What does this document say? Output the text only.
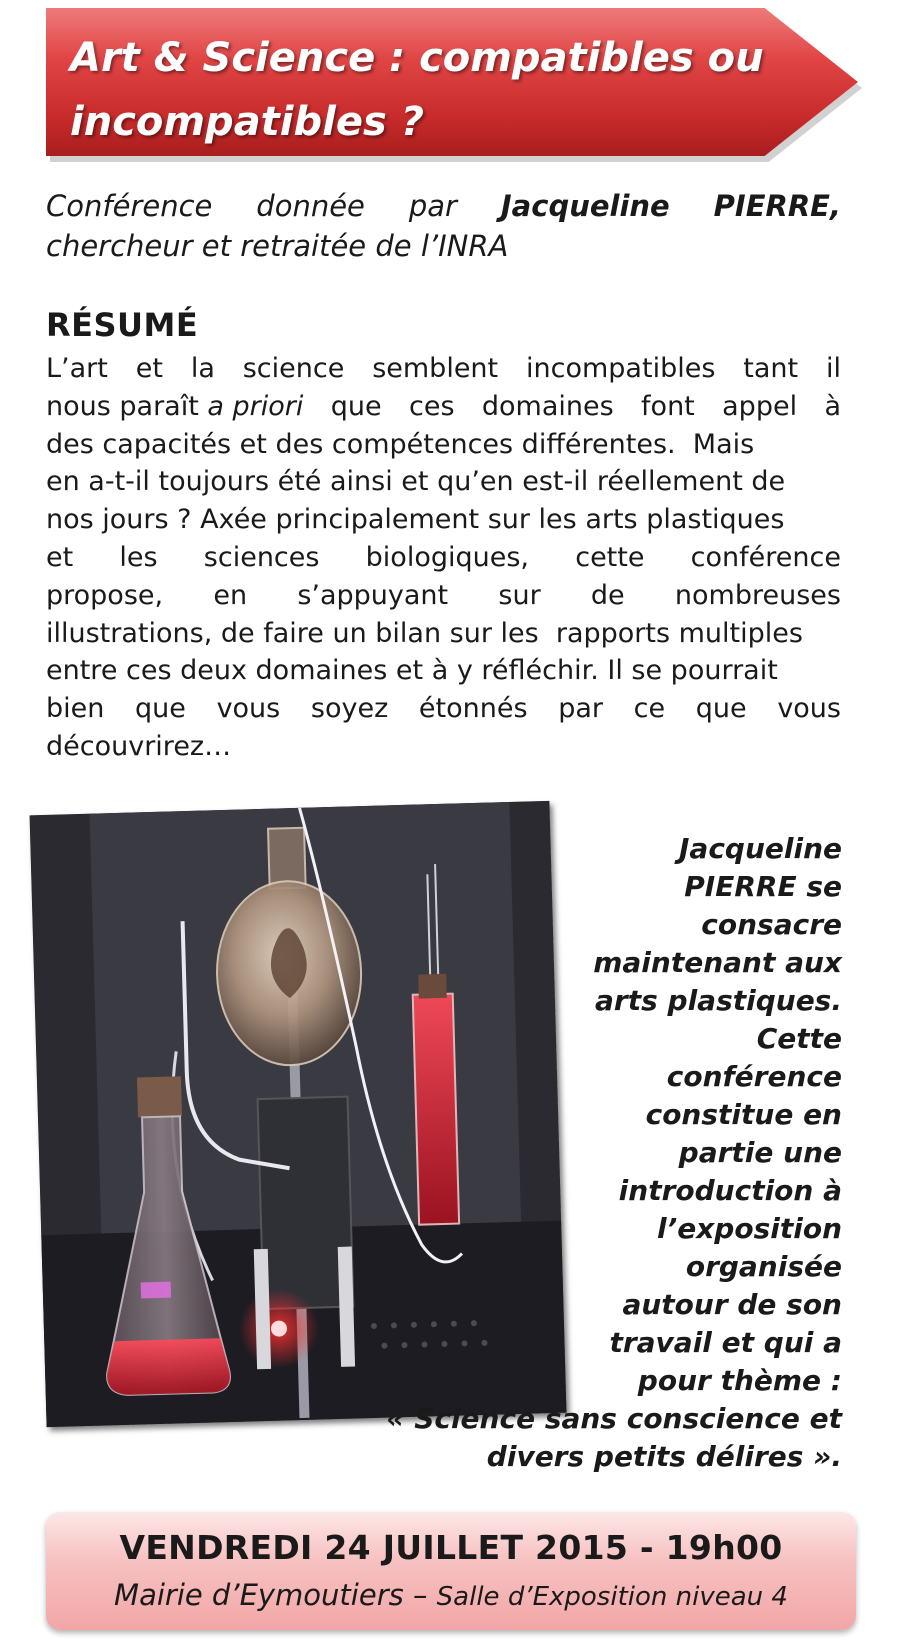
Art & Science : compatibles ou
incompatibles ?
Conférence donnée par Jacqueline PIERRE,
chercheur et retraitée de l’INRA
RÉSUMÉ
L’art et la science semblent incompatibles tant il
nous paraît a priori que ces domaines font appel à
des capacités et des compétences différentes.  Mais
en a-t-il toujours été ainsi et qu’en est-il réellement de
nos jours ? Axée principalement sur les arts plastiques
et les sciences biologiques, cette conférence
propose, en s’appuyant sur de nombreuses
illustrations, de faire un bilan sur les  rapports multiples
entre ces deux domaines et à y réfléchir. Il se pourrait
bien que vous soyez étonnés par ce que vous
découvrirez…
Jacqueline
PIERRE se
consacre
maintenant aux
arts plastiques.
Cette
conférence
constitue en
partie une
introduction à
l’exposition
organisée
autour de son
travail et qui a
pour thème :
« Science sans conscience et
divers petits délires ».
VENDREDI 24 JUILLET 2015 - 19h00
Mairie d’Eymoutiers – Salle d’Exposition niveau 4
